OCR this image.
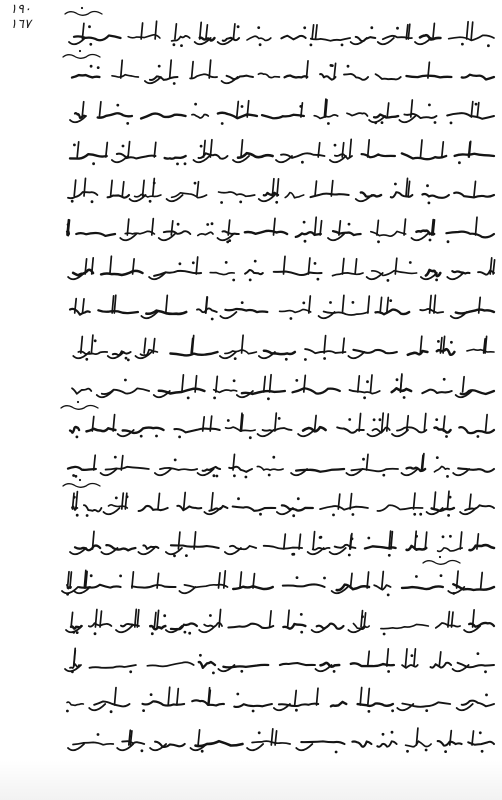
١٩٠
١٦٧
